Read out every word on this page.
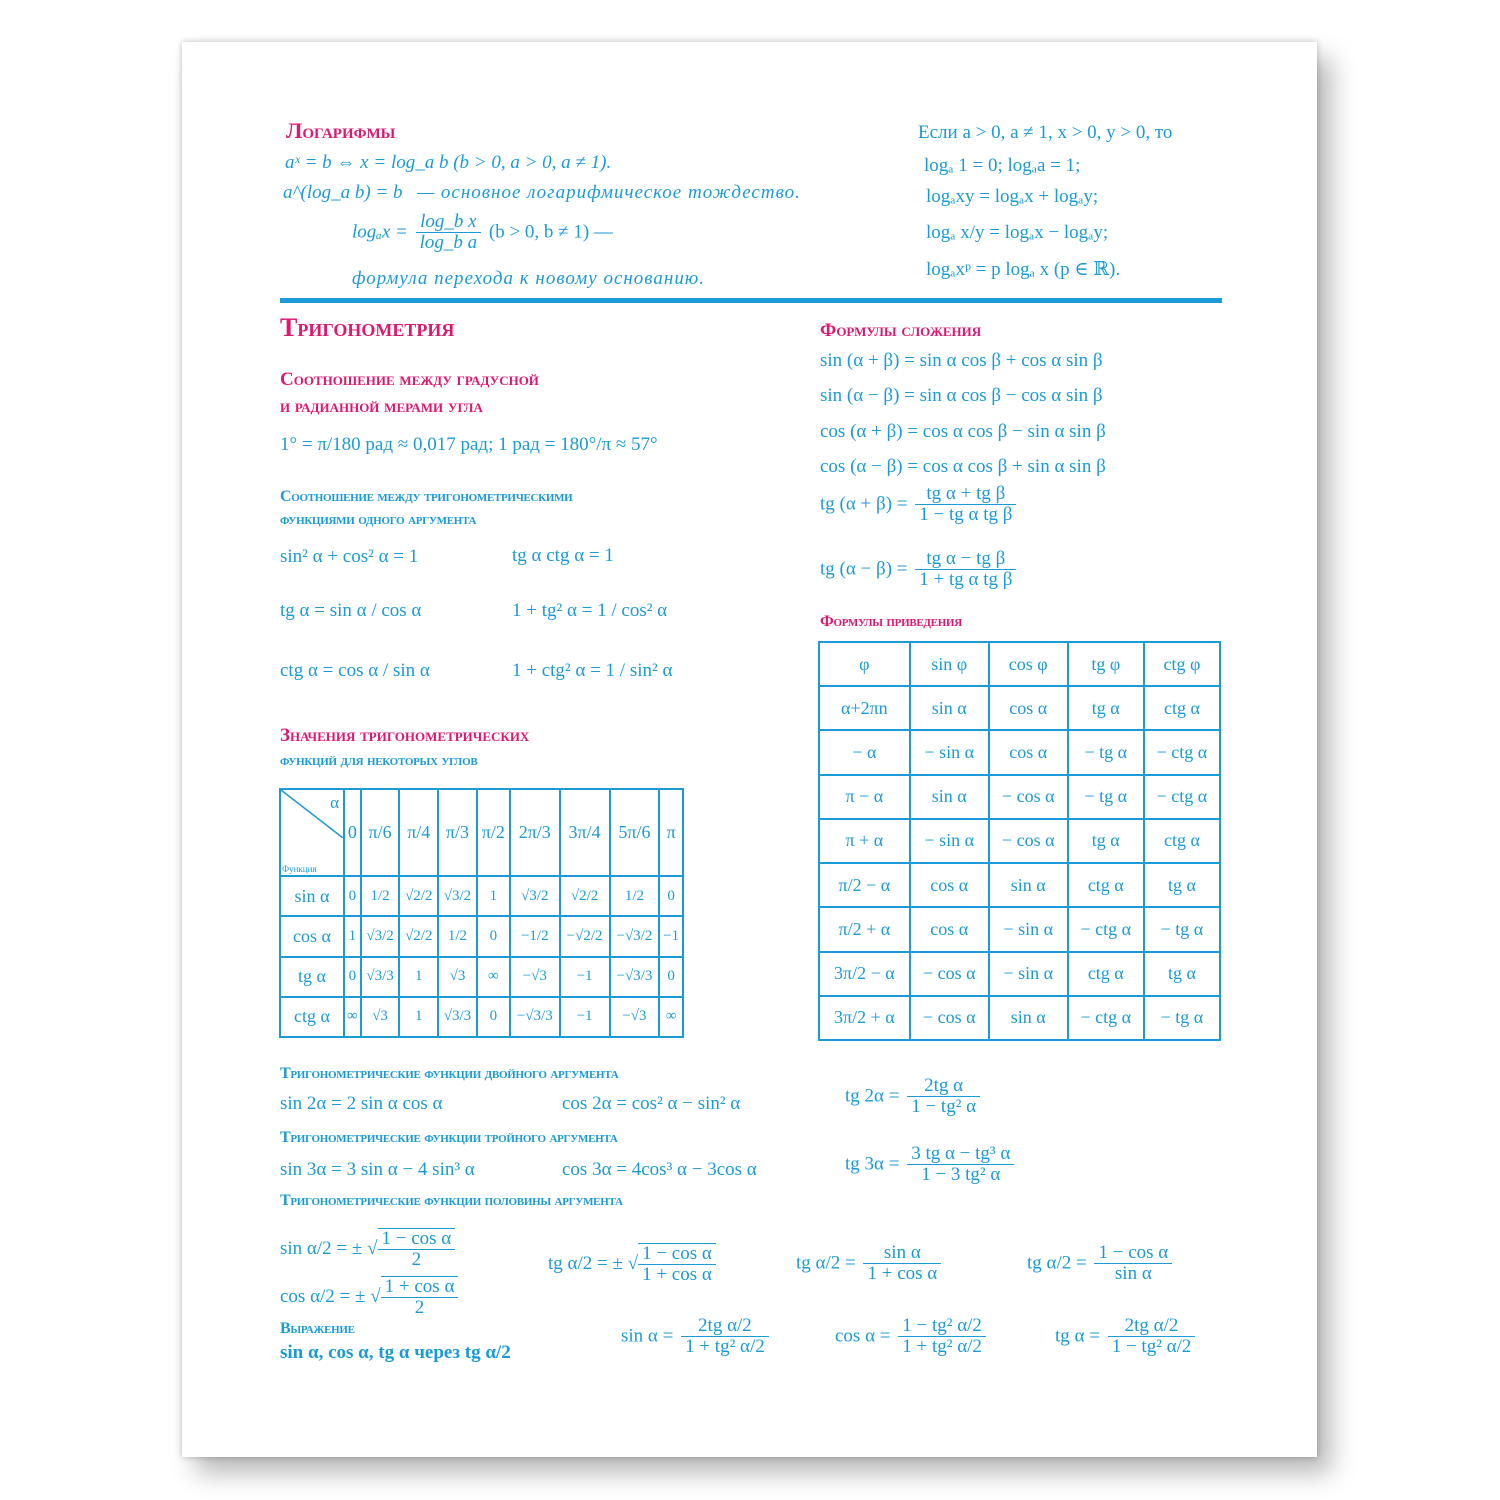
Логарифмы
aˣ = b ⇔ x = log_a b (b > 0, a > 0, a ≠ 1).
a^(log_a b) = b — основное логарифмическое тождество.
$\log_ax = \frac{\text{log\_b x}}{\text{log\_b a}} (b > 0$, b ≠ 1) —
формула перехода к новому основанию.
Если a > 0, a ≠ 1, x > 0, y > 0, то
logₐ 1 = 0; logₐa = 1;
logₐxy = logₐx + logₐy;
logₐ x/y = logₐx − logₐy;
logₐxᵖ = p logₐ x (p ∈ ℝ).
Тригонометрия
Соотношение между градусной
и радианной мерами угла
1° = π/180 рад ≈ 0,017 рад; 1 рад = 180°/π ≈ 57°
Соотношение между тригонометрическими
функциями одного аргумента
sin² α + cos² α = 1	tg α ctg α = 1
tg α = sin α / cos α	1 + tg² α = 1 / cos² α
ctg α = cos α / sin α	1 + ctg² α = 1 / sin² α
Значения тригонометрических
функций для некоторых углов
α
Функция	0	π/6	π/4	π/3	π/2	2π/3	3π/4	5π/6	π
sin α	0	1/2	√2/2	√3/2	1	√3/2	√2/2	1/2	0
cos α	1	√3/2	√2/2	1/2	0	−1/2	−√2/2	−√3/2	−1
tg α	0	√3/3	1	√3	∞	−√3	−1	−√3/3	0
ctg α	∞	√3	1	√3/3	0	−√3/3	−1	−√3	∞
Формулы сложения
sin (α + β) = sin α cos β + cos α sin β
sin (α − β) = sin α cos β − cos α sin β
cos (α + β) = cos α cos β − sin α sin β
cos (α − β) = cos α cos β + sin α sin β
tg $(\alpha + \beta) = \frac{\text{tg α + tg β}}{\text{1 − tg α tg β}}$
tg $(\alpha - \beta) = \frac{\text{tg α − tg β}}{\text{1 + tg α tg β}}$
Формулы приведения
φ	sin φ	cos φ	tg φ	ctg φ
α+2πn	sin α	cos α	tg α	ctg α
− α	− sin α	cos α	− tg α	− ctg α
π − α	sin α	− cos α	− tg α	− ctg α
π + α	− sin α	− cos α	tg α	ctg α
π/2 − α	cos α	sin α	ctg α	tg α
π/2 + α	cos α	− sin α	− ctg α	− tg α
3π/2 − α	− cos α	− sin α	ctg α	tg α
3π/2 + α	− cos α	sin α	− ctg α	− tg α
Тригонометрические функции двойного аргумента
sin 2α = 2 sin α cos α	cos 2α = cos² α − sin² α	tg $2\alpha = \frac{\text{2tg α}}{\text{1 − tg² α}}$
Тригонометрические функции тройного аргумента
sin 3α = 3 sin α − 4 sin³ α	cos 3α = 4cos³ α − 3cos α	tg $3\alpha = \frac{\text{3 tg α − tg³ α}}{\text{1 − 3 tg² α}}$
Тригонометрические функции половины аргумента
sin α/2 = ± √ $\frac{\text{1 − cos α}}{2}$
cos α/2 = ± √ $\frac{\text{1 + cos α}}{2}$
tg α/2 = ± √ $\frac{\text{1 − cos α}}{\text{1 + cos α}}$	tg $\alpha/2 = \frac{\text{sin α}}{\text{1 + cos α}}$	tg $\alpha/2 = \frac{\text{1 − cos α}}{\text{sin α}}$
Выражение
sin α, cos α, tg α через tg α/2
$\sin \alpha = \frac{\text{2tg α/2}}{\text{1 + tg² α/2}}$	$\cos \alpha = \frac{\text{1 − tg² α/2}}{\text{1 + tg² α/2}}$	tg $\alpha = \frac{\text{2tg α/2}}{\text{1 − tg² α/2}}$
